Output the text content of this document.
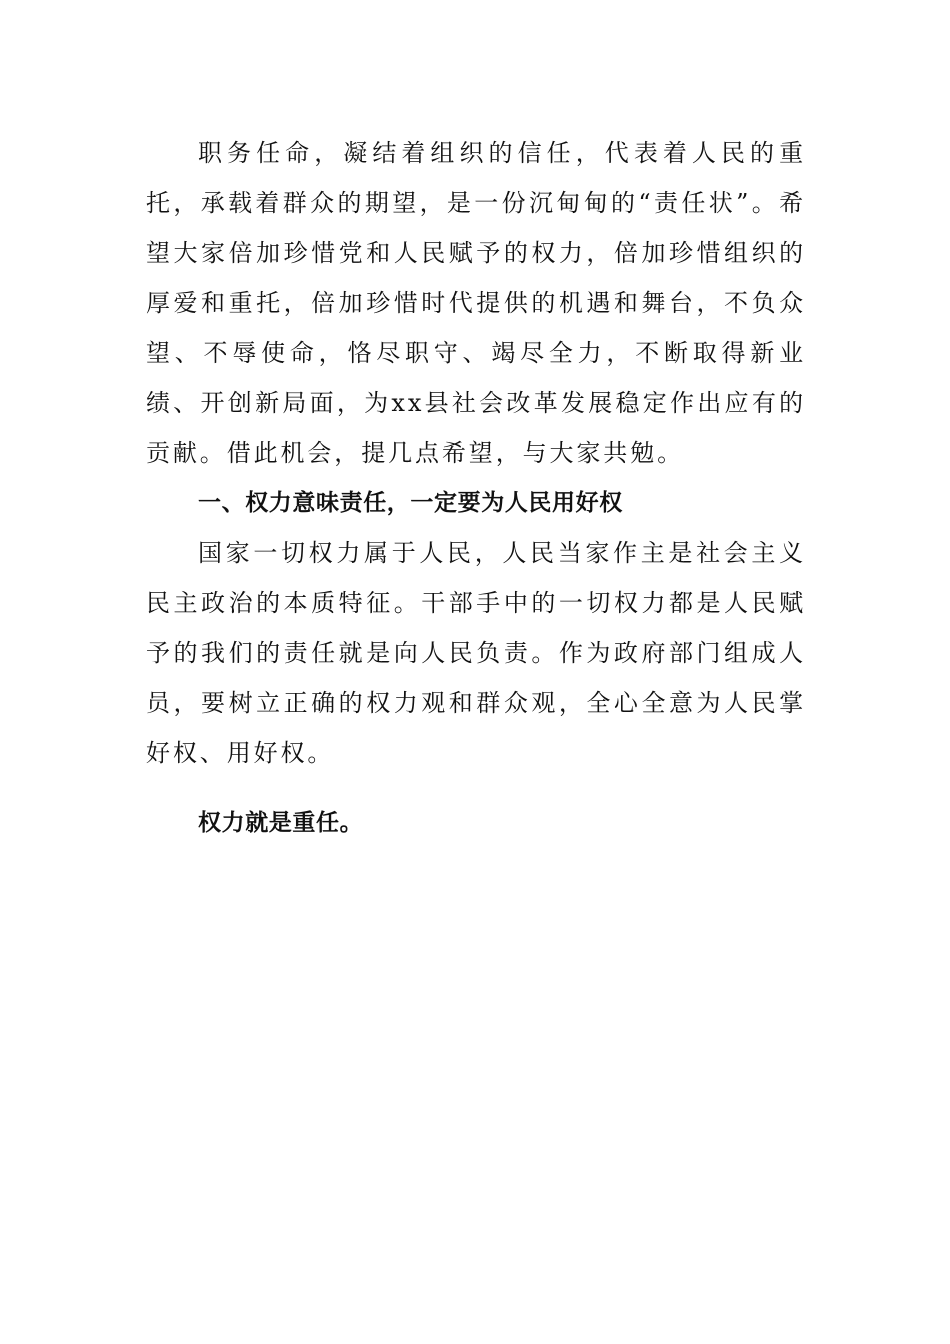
职务任命，凝结着组织的信任，代表着人民的重托，承载着群众的期望，是一份沉甸甸的“责任状”。希望大家倍加珍惜党和人民赋予的权力，倍加珍惜组织的厚爱和重托，倍加珍惜时代提供的机遇和舞台，不负众望、不辱使命，恪尽职守、竭尽全力，不断取得新业绩、开创新局面，为xx县社会改革发展稳定作出应有的贡献。借此机会，提几点希望，与大家共勉。

一、权力意味责任，一定要为人民用好权

国家一切权力属于人民，人民当家作主是社会主义民主政治的本质特征。干部手中的一切权力都是人民赋予的我们的责任就是向人民负责。作为政府部门组成人员，要树立正确的权力观和群众观，全心全意为人民掌好权、用好权。

权力就是重任。
